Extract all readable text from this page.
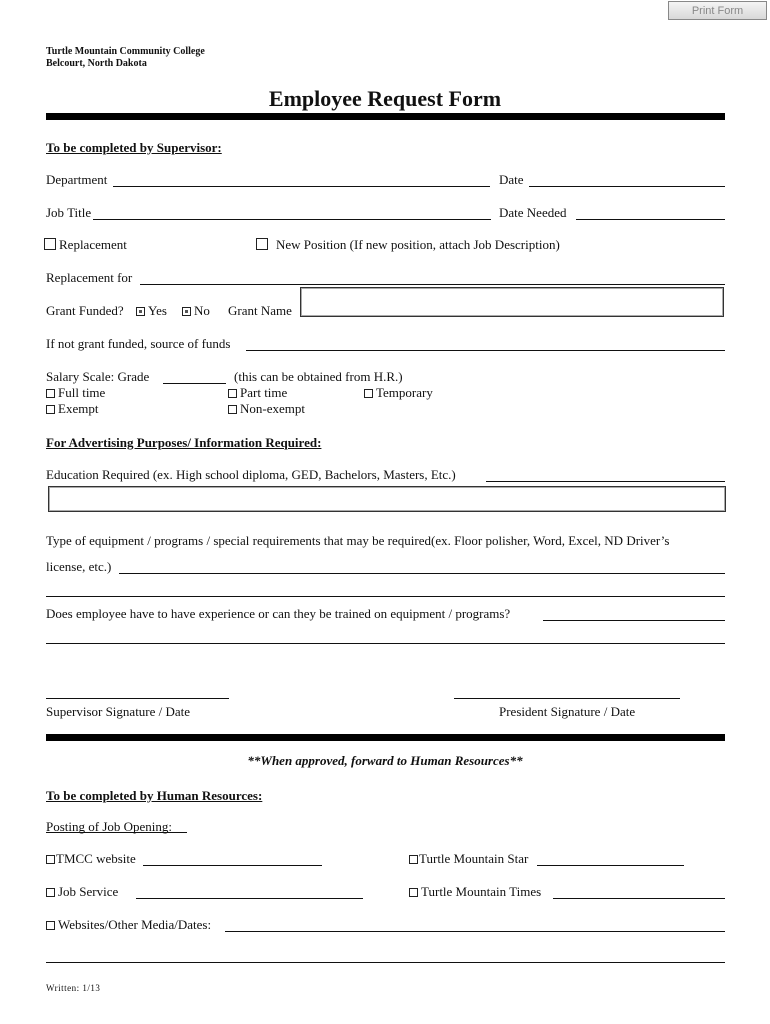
Print Form
Turtle Mountain Community College
Belcourt, North Dakota
Employee Request Form
To be completed by Supervisor:
Department	Date
Job Title	Date Needed
Replacement	New Position (If new position, attach Job Description)
Replacement for
Grant Funded?	Yes	No Grant Name
If not grant funded, source of funds
Salary Scale: Grade	(this can be obtained from H.R.)
Full time	Part time	Temporary
Exempt	Non-exempt
For Advertising Purposes/ Information Required:
Education Required (ex. High school diploma, GED, Bachelors, Masters, Etc.)
Type of equipment / programs / special requirements that may be required(ex. Floor polisher, Word, Excel, ND Driver’s
license, etc.)
Does employee have to have experience or can they be trained on equipment / programs?
Supervisor Signature / Date	President Signature / Date
**When approved, forward to Human Resources**
To be completed by Human Resources:
Posting of Job Opening:
TMCC website	Turtle Mountain Star
Job Service	Turtle Mountain Times
Websites/Other Media/Dates:
Written: 1/13
